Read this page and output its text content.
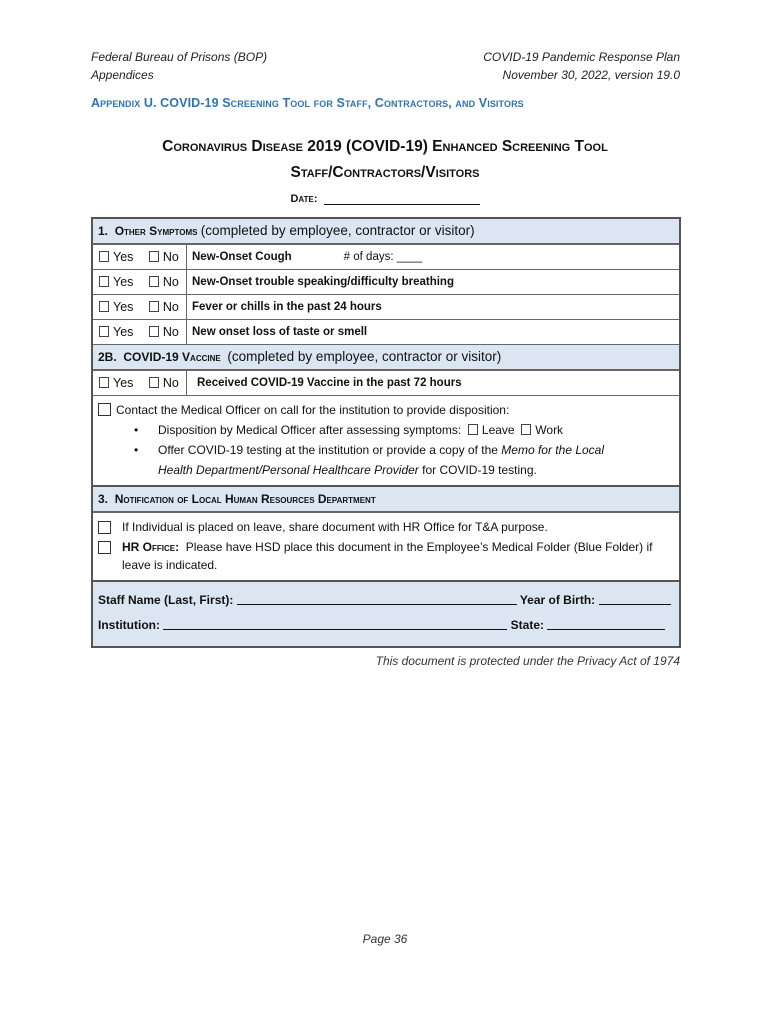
Federal Bureau of Prisons (BOP)
Appendices
COVID-19 Pandemic Response Plan
November 30, 2022, version 19.0
Appendix U. COVID-19 Screening Tool for Staff, Contractors, and Visitors
Coronavirus Disease 2019 (COVID-19) Enhanced Screening Tool
Staff/Contractors/Visitors
Date:
1. Other Symptoms (completed by employee, contractor or visitor)
Yes No	New-Onset Cough	# of days: ____
Yes No	New-Onset trouble speaking/difficulty breathing
Yes No	Fever or chills in the past 24 hours
Yes No	New onset loss of taste or smell
2B. COVID-19 Vaccine (completed by employee, contractor or visitor)
Yes No	Received COVID-19 Vaccine in the past 72 hours
Contact the Medical Officer on call for the institution to provide disposition:
• Disposition by Medical Officer after assessing symptoms: Leave Work
• Offer COVID-19 testing at the institution or provide a copy of the Memo for the Local
Health Department/Personal Healthcare Provider for COVID-19 testing.
3. Notification of Local Human Resources Department
If Individual is placed on leave, share document with HR Office for T&A purpose.
HR Office: Please have HSD place this document in the Employee’s Medical Folder (Blue Folder) if leave is indicated.
Staff Name (Last, First):	Year of Birth:
Institution:	State:
This document is protected under the Privacy Act of 1974
Page 36
